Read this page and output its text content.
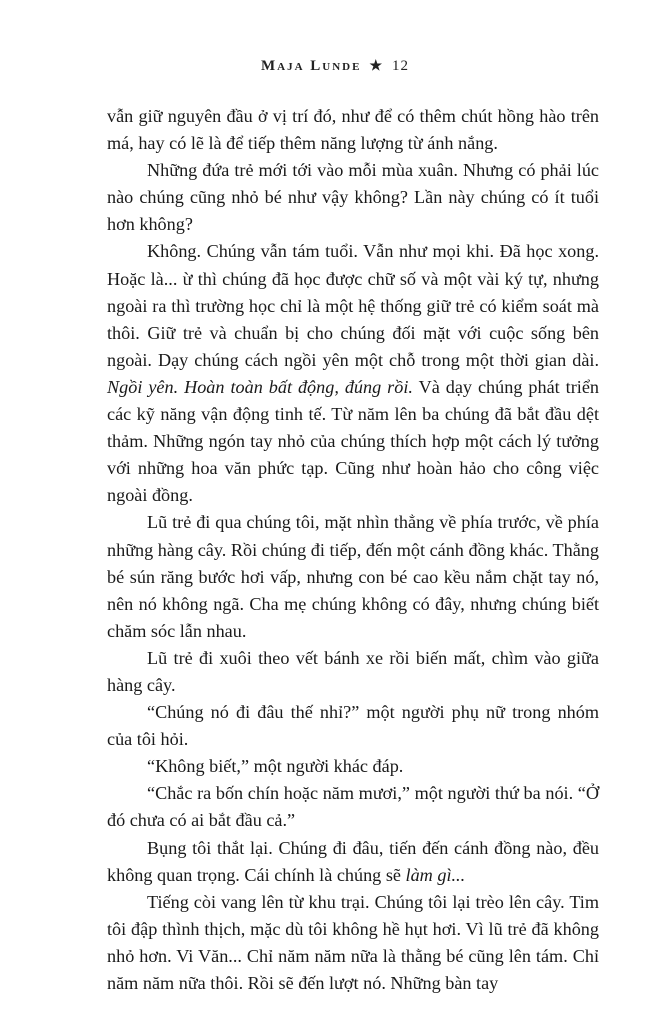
Maja Lunde ★ 12

vẫn giữ nguyên đầu ở vị trí đó, như để có thêm chút hồng hào trên má, hay có lẽ là để tiếp thêm năng lượng từ ánh nắng.

Những đứa trẻ mới tới vào mỗi mùa xuân. Nhưng có phải lúc nào chúng cũng nhỏ bé như vậy không? Lần này chúng có ít tuổi hơn không?

Không. Chúng vẫn tám tuổi. Vẫn như mọi khi. Đã học xong. Hoặc là... ừ thì chúng đã học được chữ số và một vài ký tự, nhưng ngoài ra thì trường học chỉ là một hệ thống giữ trẻ có kiểm soát mà thôi. Giữ trẻ và chuẩn bị cho chúng đối mặt với cuộc sống bên ngoài. Dạy chúng cách ngồi yên một chỗ trong một thời gian dài. Ngồi yên. Hoàn toàn bất động, đúng rồi. Và dạy chúng phát triển các kỹ năng vận động tinh tế. Từ năm lên ba chúng đã bắt đầu dệt thảm. Những ngón tay nhỏ của chúng thích hợp một cách lý tưởng với những hoa văn phức tạp. Cũng như hoàn hảo cho công việc ngoài đồng.

Lũ trẻ đi qua chúng tôi, mặt nhìn thẳng về phía trước, về phía những hàng cây. Rồi chúng đi tiếp, đến một cánh đồng khác. Thằng bé sún răng bước hơi vấp, nhưng con bé cao kều nắm chặt tay nó, nên nó không ngã. Cha mẹ chúng không có đây, nhưng chúng biết chăm sóc lẫn nhau.

Lũ trẻ đi xuôi theo vết bánh xe rồi biến mất, chìm vào giữa hàng cây.

“Chúng nó đi đâu thế nhỉ?” một người phụ nữ trong nhóm của tôi hỏi.

“Không biết,” một người khác đáp.

“Chắc ra bốn chín hoặc năm mươi,” một người thứ ba nói. “Ở đó chưa có ai bắt đầu cả.”

Bụng tôi thắt lại. Chúng đi đâu, tiến đến cánh đồng nào, đều không quan trọng. Cái chính là chúng sẽ làm gì...

Tiếng còi vang lên từ khu trại. Chúng tôi lại trèo lên cây. Tim tôi đập thình thịch, mặc dù tôi không hề hụt hơi. Vì lũ trẻ đã không nhỏ hơn. Vi Văn... Chỉ năm năm nữa là thằng bé cũng lên tám. Chỉ năm năm nữa thôi. Rồi sẽ đến lượt nó. Những bàn tay
